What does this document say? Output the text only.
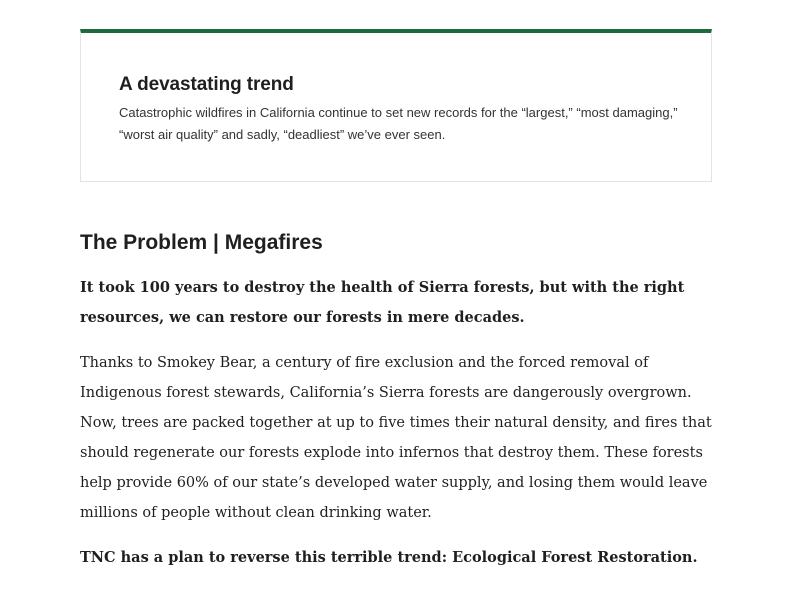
A devastating trend

Catastrophic wildfires in California continue to set new records for the “largest,” “most damaging,” “worst air quality” and sadly, “deadliest” we’ve ever seen.

The Problem | Megafires

It took 100 years to destroy the health of Sierra forests, but with the right resources, we can restore our forests in mere decades.

Thanks to Smokey Bear, a century of fire exclusion and the forced removal of Indigenous forest stewards, California’s Sierra forests are dangerously overgrown. Now, trees are packed together at up to five times their natural density, and fires that should regenerate our forests explode into infernos that destroy them. These forests help provide 60% of our state’s developed water supply, and losing them would leave millions of people without clean drinking water.

TNC has a plan to reverse this terrible trend: Ecological Forest Restoration.
